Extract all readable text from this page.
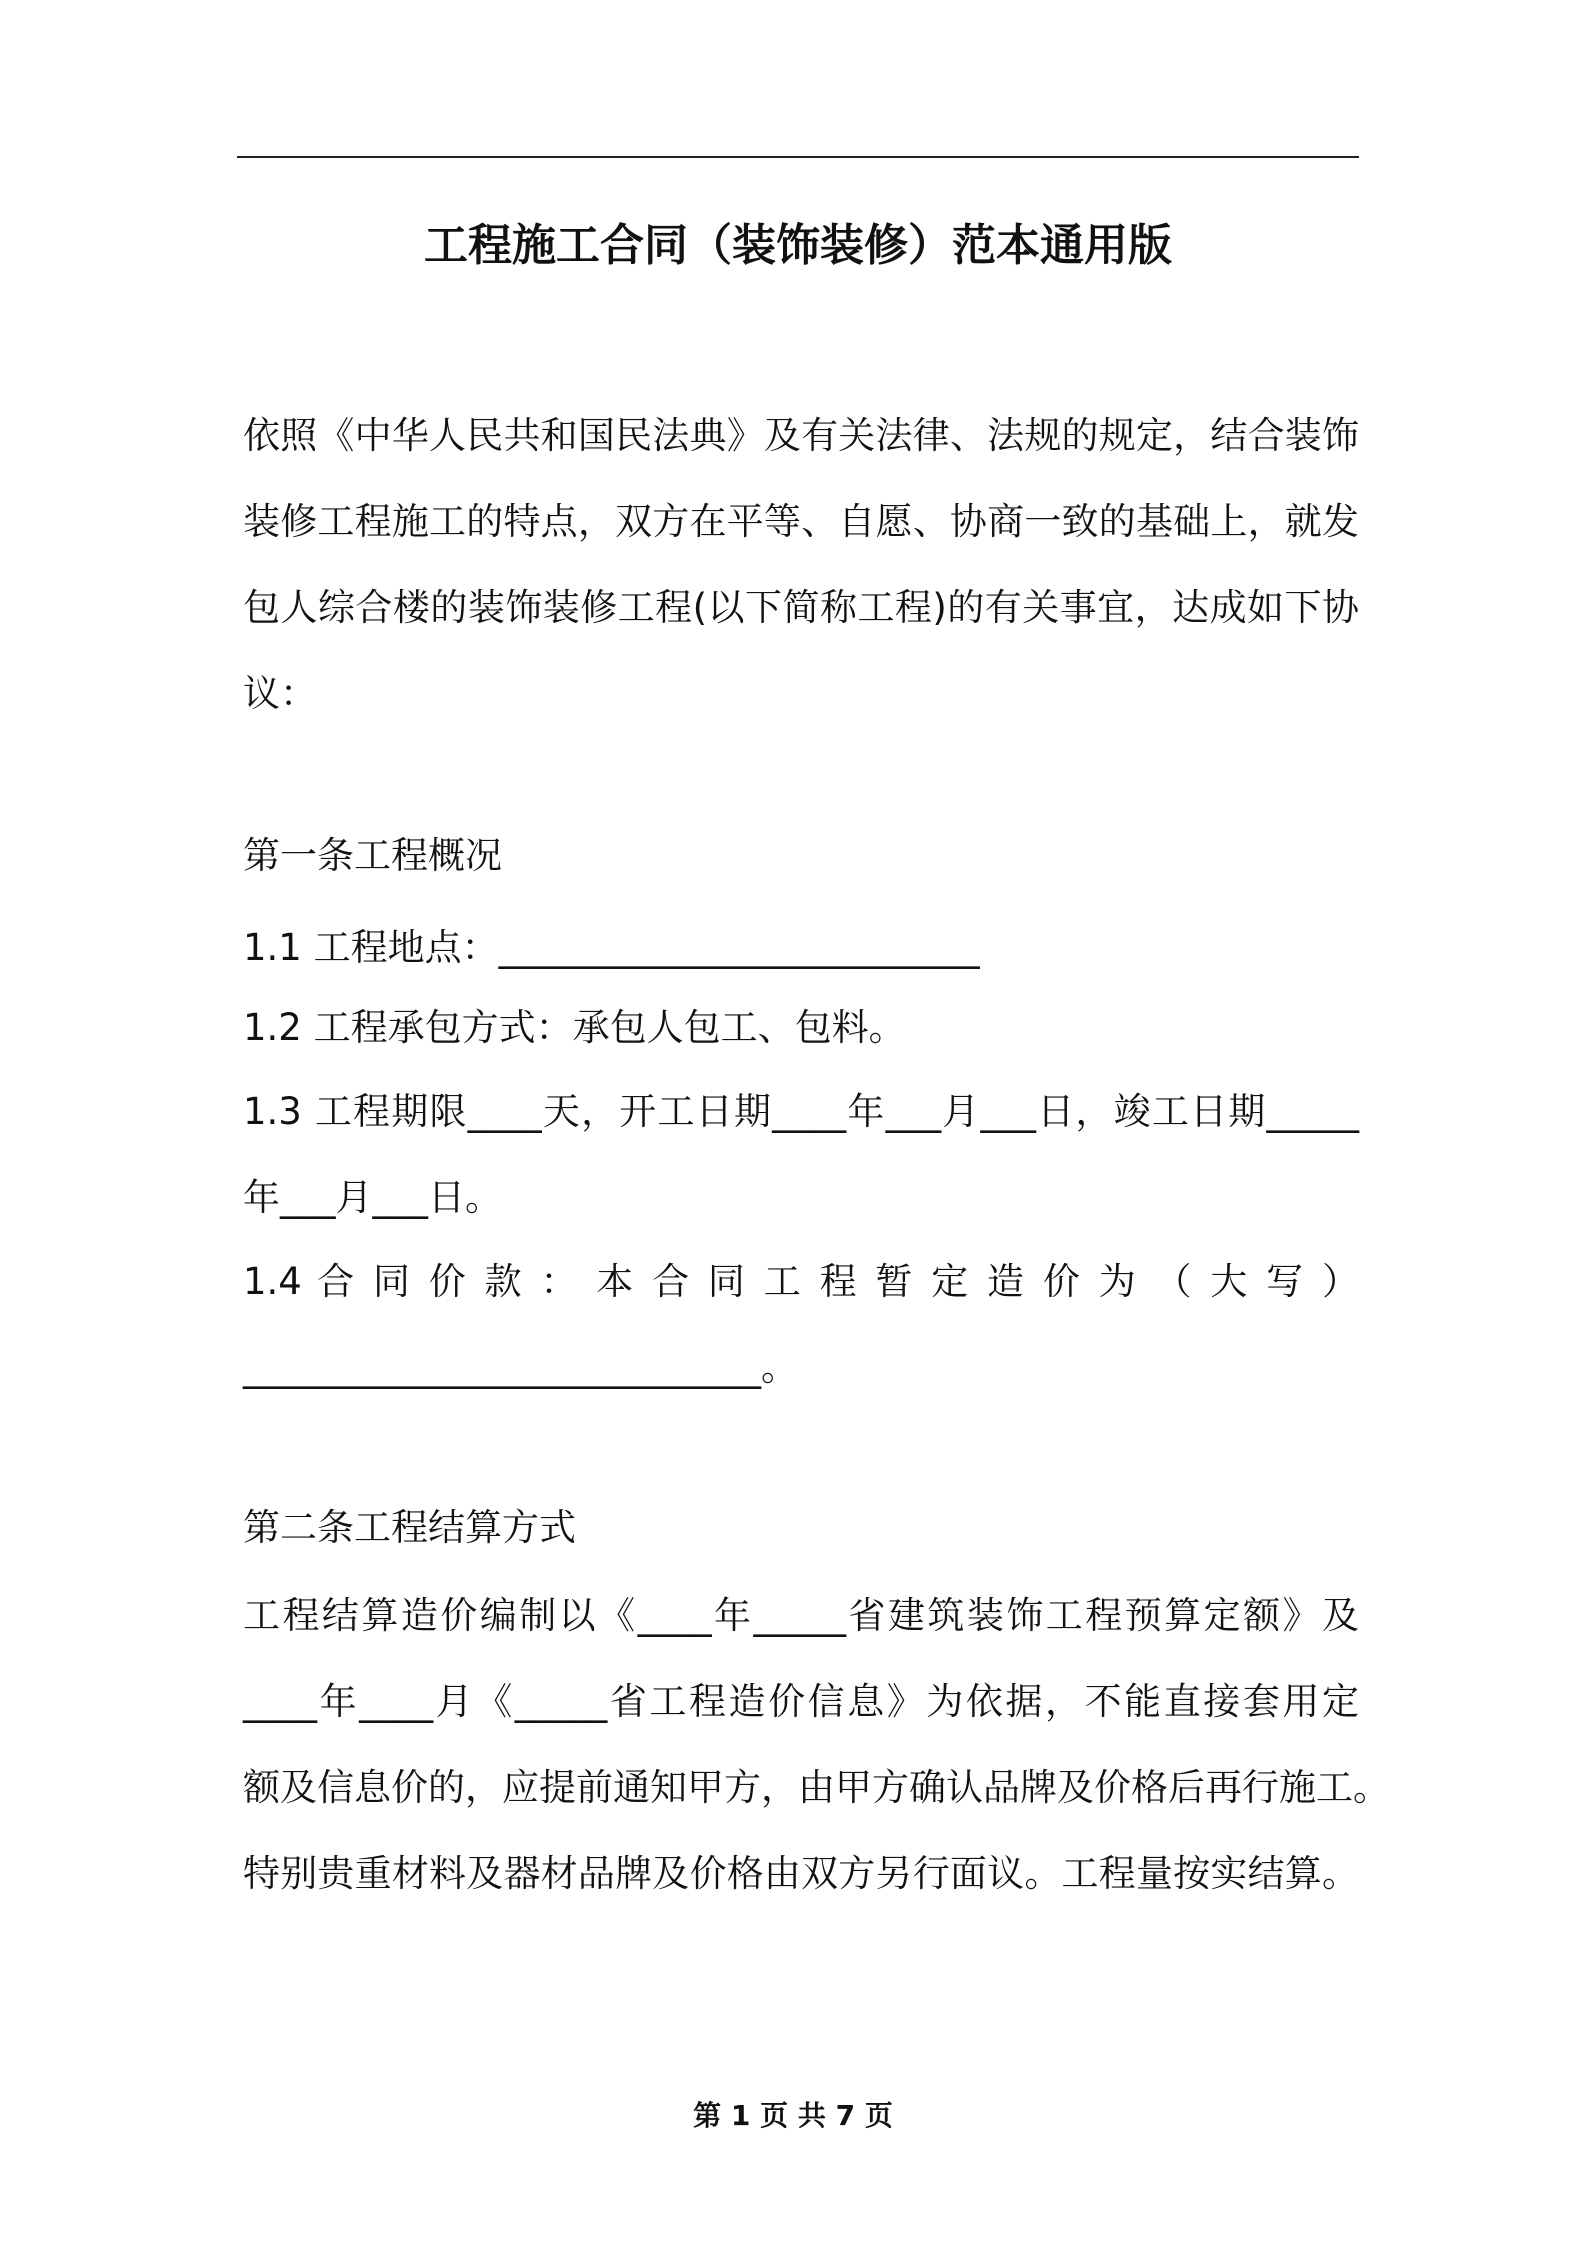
工程施工合同（装饰装修）范本通用版
依照《中华人民共和国民法典》及有关法律、法规的规定，结合装饰
装修工程施工的特点，双方在平等、自愿、协商一致的基础上，就发
包人综合楼的装饰装修工程(以下简称工程)的有关事宜，达成如下协
议：
第一条工程概况
1.1 工程地点：__________________________
1.2 工程承包方式：承包人包工、包料。
1.3 工程期限____天，开工日期____年___月___日，竣工日期_____
年___月___日。
1.4 合 同 价 款 ： 本 合 同 工 程 暂 定 造 价 为 （ 大 写 ）
____________________________。
第二条工程结算方式
工程结算造价编制以《____年_____省建筑装饰工程预算定额》及
____年____月《_____省工程造价信息》为依据，不能直接套用定
额及信息价的，应提前通知甲方，由甲方确认品牌及价格后再行施工。
特别贵重材料及器材品牌及价格由双方另行面议。工程量按实结算。
第 1 页 共 7 页
